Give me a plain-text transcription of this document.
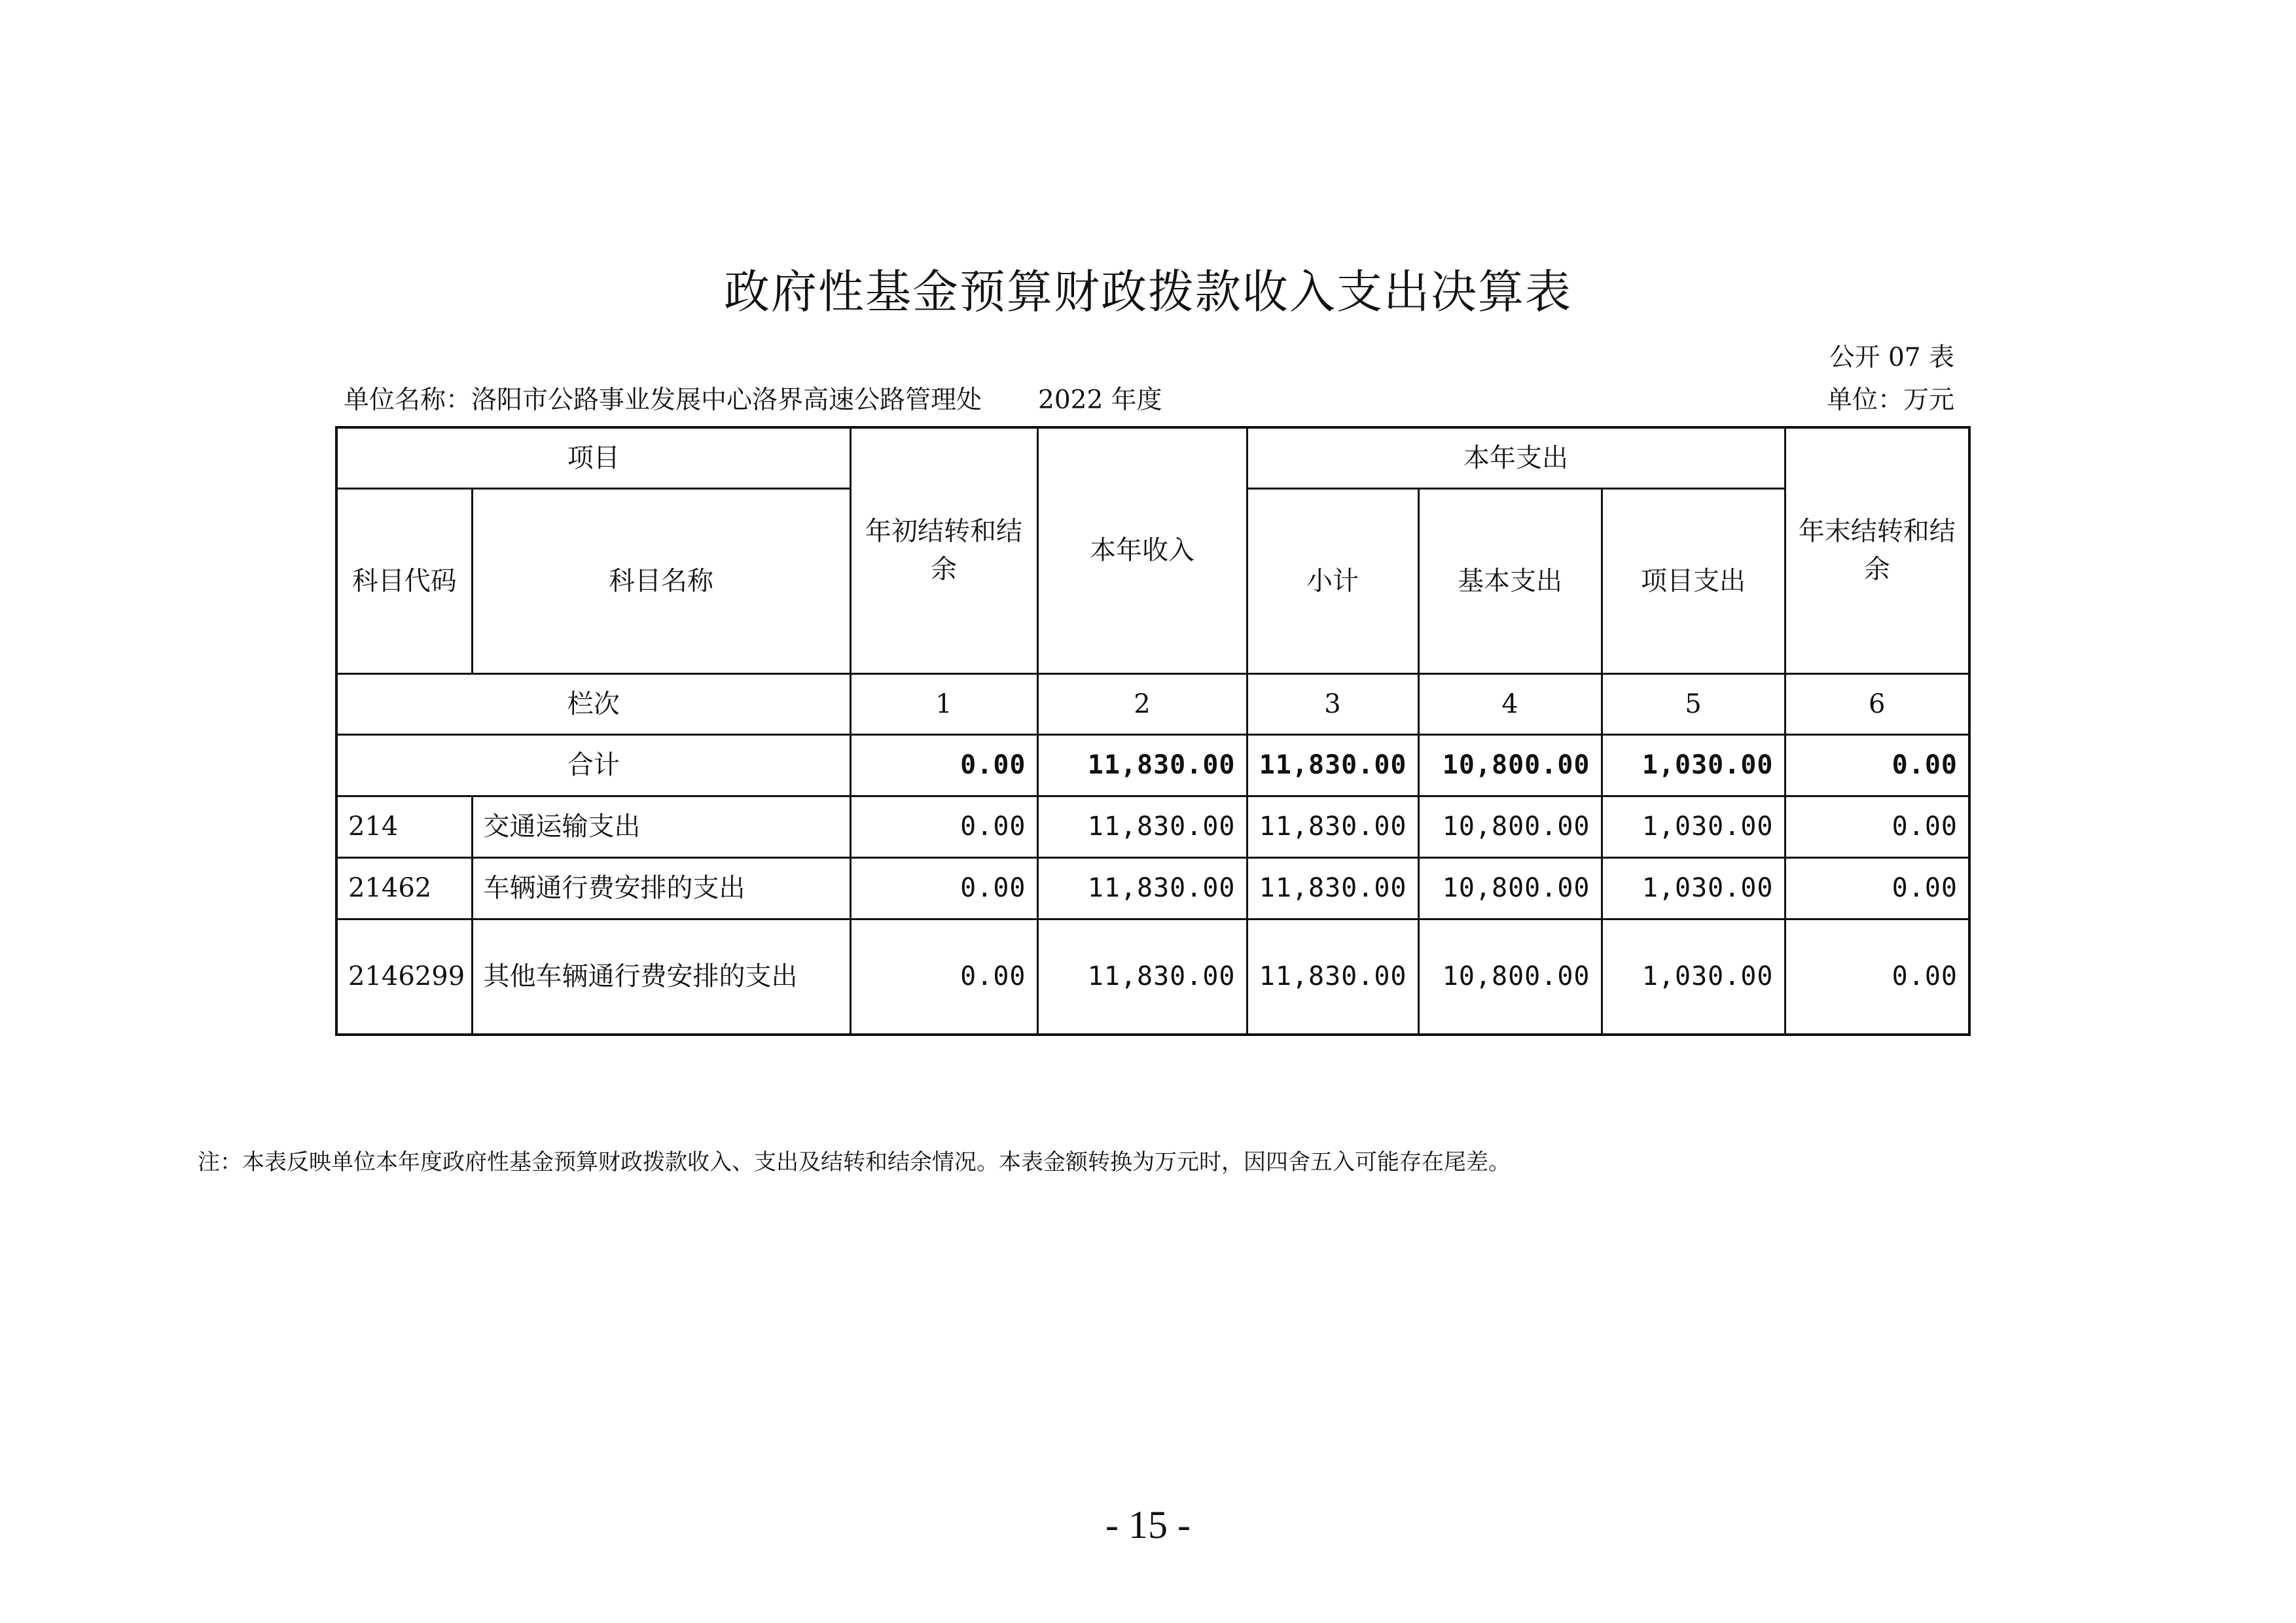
政府性基金预算财政拨款收入支出决算表
公开 07 表
单位名称：洛阳市公路事业发展中心洛界高速公路管理处 2022 年度	单位：万元
项目		年初结转和结余	本年收入	本年支出			年末结转和结余
科目代码	科目名称			小计	基本支出	项目支出	
栏次		1	2	3	4	5	6
合计		0.00	11,830.00	11,830.00	10,800.00	1,030.00	0.00
214	交通运输支出	0.00	11,830.00	11,830.00	10,800.00	1,030.00	0.00
21462	车辆通行费安排的支出	0.00	11,830.00	11,830.00	10,800.00	1,030.00	0.00
2146299	其他车辆通行费安排的支出	0.00	11,830.00	11,830.00	10,800.00	1,030.00	0.00
注：本表反映单位本年度政府性基金预算财政拨款收入、支出及结转和结余情况。本表金额转换为万元时，因四舍五入可能存在尾差。
- 15 -
